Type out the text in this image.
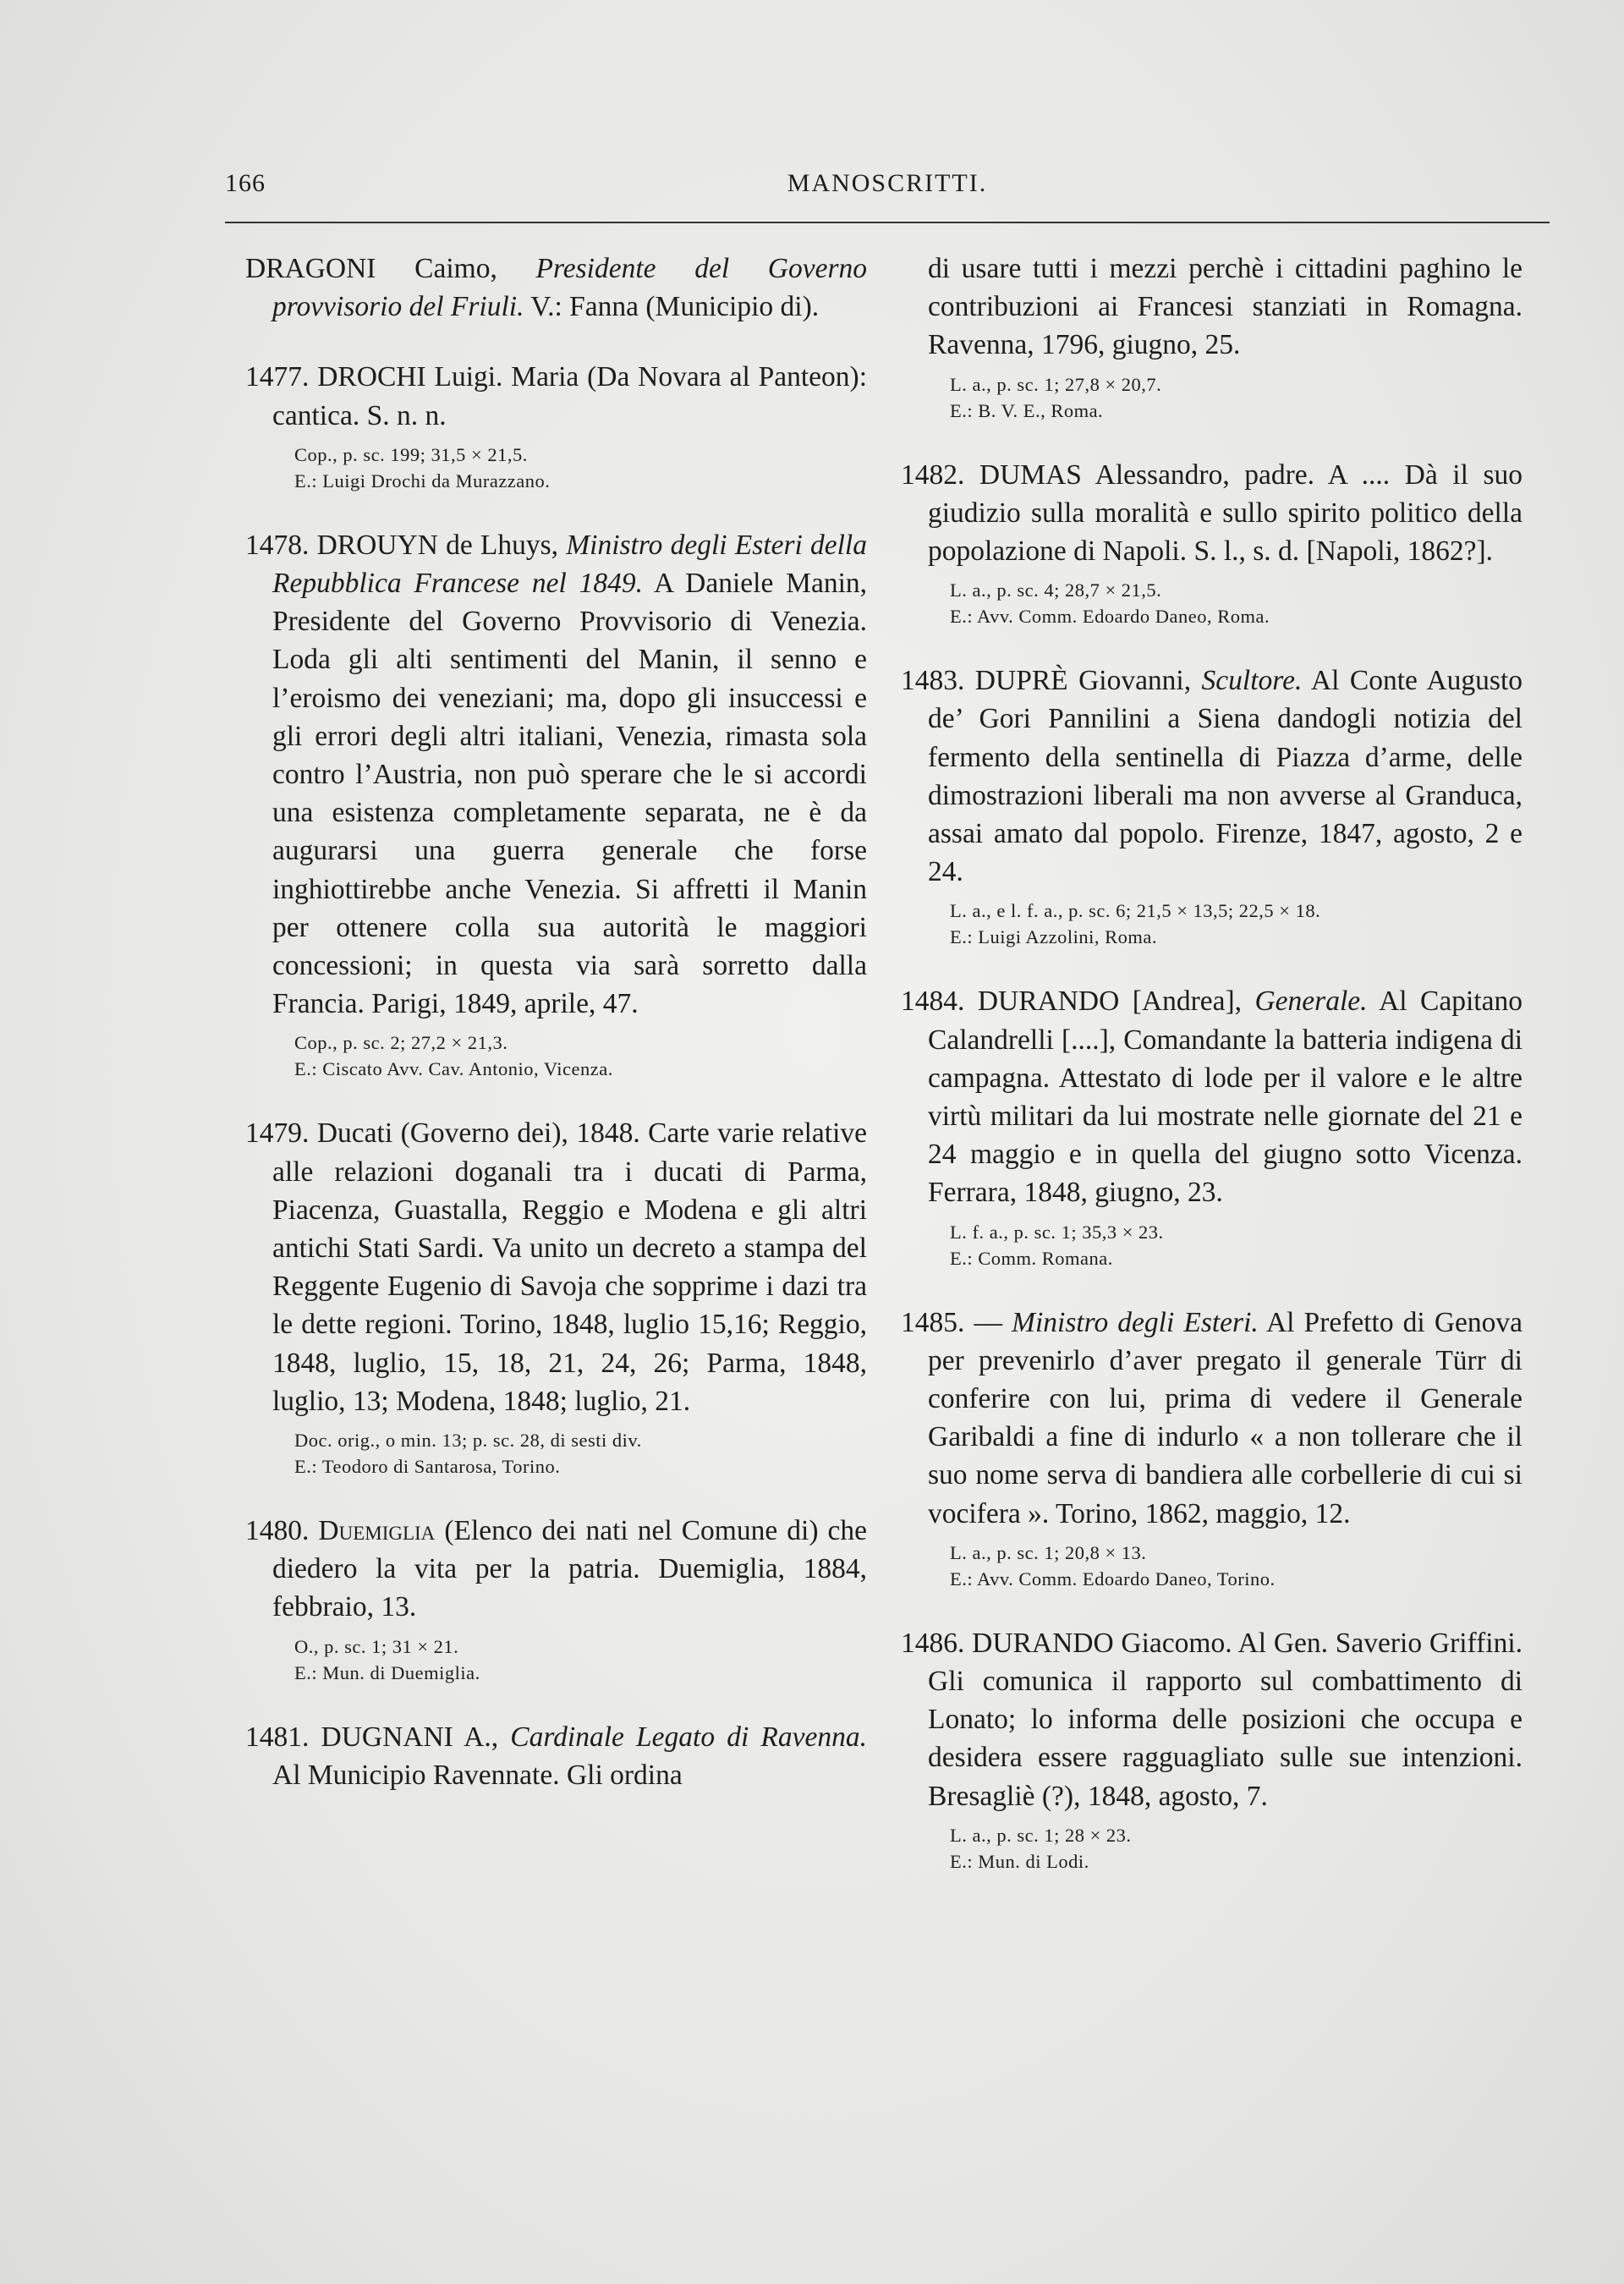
166	MANOSCRITTI.

DRAGONI Caimo, Presidente del Governo provvisorio del Friuli. V.: Fanna (Municipio di).

1477. DROCHI Luigi. Maria (Da Novara al Panteon): cantica. S. n. n.

Cop., p. sc. 199; 31,5 × 21,5.
E.: Luigi Drochi da Murazzano.

1478. DROUYN de Lhuys, Ministro degli Esteri della Repubblica Francese nel 1849. A Daniele Manin, Presidente del Governo Provvisorio di Venezia. Loda gli alti sentimenti del Manin, il senno e l’eroismo dei veneziani; ma, dopo gli insuccessi e gli errori degli altri italiani, Venezia, rimasta sola contro l’Austria, non può sperare che le si accordi una esistenza completamente separata, ne è da augurarsi una guerra generale che forse inghiottirebbe anche Venezia. Si affretti il Manin per ottenere colla sua autorità le maggiori concessioni; in questa via sarà sorretto dalla Francia. Parigi, 1849, aprile, 47.

Cop., p. sc. 2; 27,2 × 21,3.
E.: Ciscato Avv. Cav. Antonio, Vicenza.

1479. Ducati (Governo dei), 1848. Carte varie relative alle relazioni doganali tra i ducati di Parma, Piacenza, Guastalla, Reggio e Modena e gli altri antichi Stati Sardi. Va unito un decreto a stampa del Reggente Eugenio di Savoja che sopprime i dazi tra le dette regioni. Torino, 1848, luglio 15,16; Reggio, 1848, luglio, 15, 18, 21, 24, 26; Parma, 1848, luglio, 13; Modena, 1848; luglio, 21.

Doc. orig., o min. 13; p. sc. 28, di sesti div.
E.: Teodoro di Santarosa, Torino.

1480. Duemiglia (Elenco dei nati nel Comune di) che diedero la vita per la patria. Duemiglia, 1884, febbraio, 13.

O., p. sc. 1; 31 × 21.
E.: Mun. di Duemiglia.

1481. DUGNANI A., Cardinale Legato di Ravenna. Al Municipio Ravennate. Gli ordina

di usare tutti i mezzi perchè i cittadini paghino le contribuzioni ai Francesi stanziati in Romagna. Ravenna, 1796, giugno, 25.

L. a., p. sc. 1; 27,8 × 20,7.
E.: B. V. E., Roma.

1482. DUMAS Alessandro, padre. A .... Dà il suo giudizio sulla moralità e sullo spirito politico della popolazione di Napoli. S. l., s. d. [Napoli, 1862?].

L. a., p. sc. 4; 28,7 × 21,5.
E.: Avv. Comm. Edoardo Daneo, Roma.

1483. DUPRÈ Giovanni, Scultore. Al Conte Augusto de’ Gori Pannilini a Siena dandogli notizia del fermento della sentinella di Piazza d’arme, delle dimostrazioni liberali ma non avverse al Granduca, assai amato dal popolo. Firenze, 1847, agosto, 2 e 24.

L. a., e l. f. a., p. sc. 6; 21,5 × 13,5; 22,5 × 18.
E.: Luigi Azzolini, Roma.

1484. DURANDO [Andrea], Generale. Al Capitano Calandrelli [....], Comandante la batteria indigena di campagna. Attestato di lode per il valore e le altre virtù militari da lui mostrate nelle giornate del 21 e 24 maggio e in quella del giugno sotto Vicenza. Ferrara, 1848, giugno, 23.

L. f. a., p. sc. 1; 35,3 × 23.
E.: Comm. Romana.

1485. — Ministro degli Esteri. Al Prefetto di Genova per prevenirlo d’aver pregato il generale Türr di conferire con lui, prima di vedere il Generale Garibaldi a fine di indurlo « a non tollerare che il suo nome serva di bandiera alle corbellerie di cui si vocifera ». Torino, 1862, maggio, 12.

L. a., p. sc. 1; 20,8 × 13.
E.: Avv. Comm. Edoardo Daneo, Torino.

1486. DURANDO Giacomo. Al Gen. Saverio Griffini. Gli comunica il rapporto sul combattimento di Lonato; lo informa delle posizioni che occupa e desidera essere ragguagliato sulle sue intenzioni. Bresagliè (?), 1848, agosto, 7.

L. a., p. sc. 1; 28 × 23.
E.: Mun. di Lodi.
